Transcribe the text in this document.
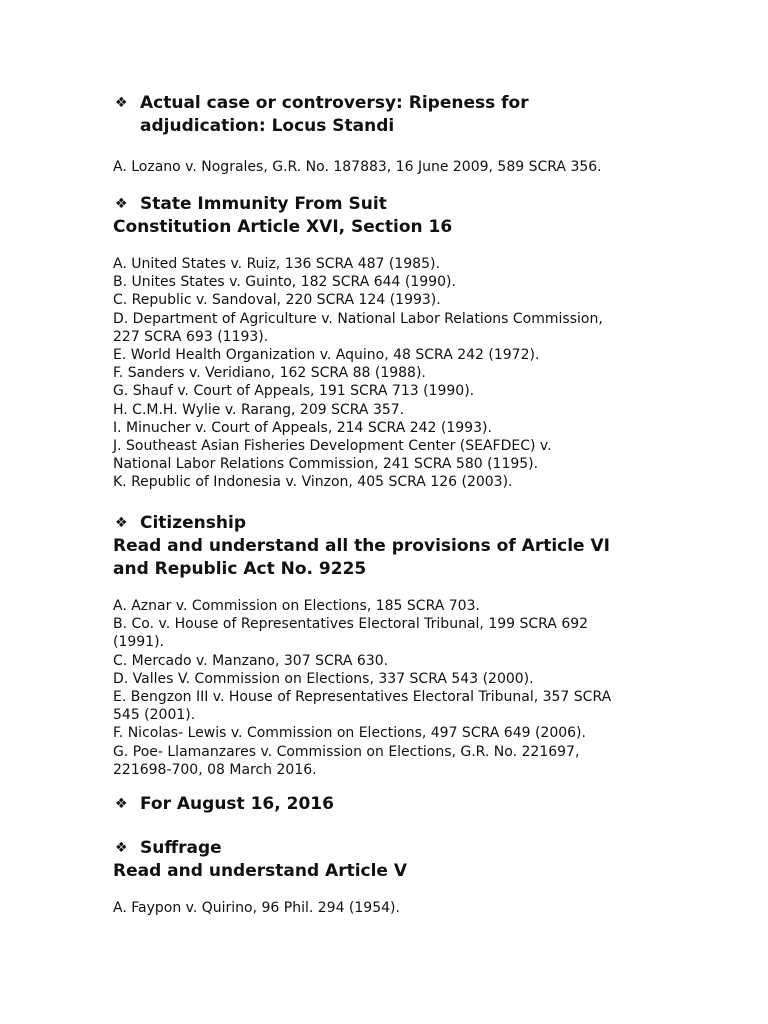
❖ Actual case or controversy: Ripeness for
adjudication: Locus Standi
A. Lozano v. Nograles, G.R. No. 187883, 16 June 2009, 589 SCRA 356.
❖ State Immunity From Suit
Constitution Article XVI, Section 16
A. United States v. Ruiz, 136 SCRA 487 (1985).
B. Unites States v. Guinto, 182 SCRA 644 (1990).
C. Republic v. Sandoval, 220 SCRA 124 (1993).
D. Department of Agriculture v. National Labor Relations Commission,
227 SCRA 693 (1193).
E. World Health Organization v. Aquino, 48 SCRA 242 (1972).
F. Sanders v. Veridiano, 162 SCRA 88 (1988).
G. Shauf v. Court of Appeals, 191 SCRA 713 (1990).
H. C.M.H. Wylie v. Rarang, 209 SCRA 357.
I. Minucher v. Court of Appeals, 214 SCRA 242 (1993).
J. Southeast Asian Fisheries Development Center (SEAFDEC) v.
National Labor Relations Commission, 241 SCRA 580 (1195).
K. Republic of Indonesia v. Vinzon, 405 SCRA 126 (2003).
❖ Citizenship
Read and understand all the provisions of Article VI
and Republic Act No. 9225
A. Aznar v. Commission on Elections, 185 SCRA 703.
B. Co. v. House of Representatives Electoral Tribunal, 199 SCRA 692
(1991).
C. Mercado v. Manzano, 307 SCRA 630.
D. Valles V. Commission on Elections, 337 SCRA 543 (2000).
E. Bengzon III v. House of Representatives Electoral Tribunal, 357 SCRA
545 (2001).
F. Nicolas- Lewis v. Commission on Elections, 497 SCRA 649 (2006).
G. Poe- Llamanzares v. Commission on Elections, G.R. No. 221697,
221698-700, 08 March 2016.
❖ For August 16, 2016
❖ Suffrage
Read and understand Article V
A. Faypon v. Quirino, 96 Phil. 294 (1954).
